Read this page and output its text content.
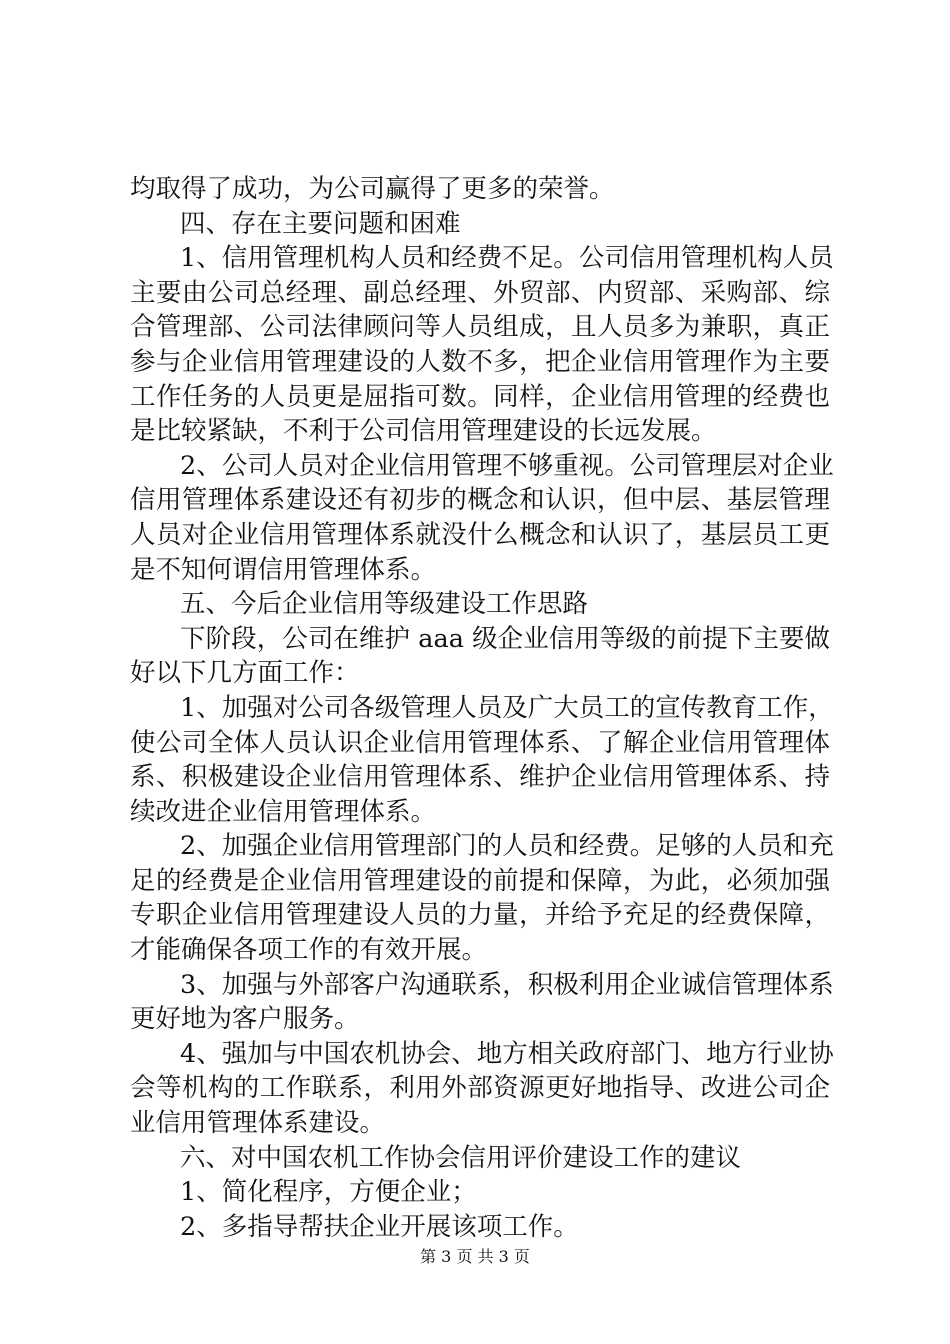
均取得了成功，为公司赢得了更多的荣誉。
四、存在主要问题和困难
1、信用管理机构人员和经费不足。公司信用管理机构人员
主要由公司总经理、副总经理、外贸部、内贸部、采购部、综
合管理部、公司法律顾问等人员组成，且人员多为兼职，真正
参与企业信用管理建设的人数不多，把企业信用管理作为主要
工作任务的人员更是屈指可数。同样，企业信用管理的经费也
是比较紧缺，不利于公司信用管理建设的长远发展。
2、公司人员对企业信用管理不够重视。公司管理层对企业
信用管理体系建设还有初步的概念和认识，但中层、基层管理
人员对企业信用管理体系就没什么概念和认识了，基层员工更
是不知何谓信用管理体系。
五、今后企业信用等级建设工作思路
下阶段，公司在维护 aaa 级企业信用等级的前提下主要做
好以下几方面工作：
1、加强对公司各级管理人员及广大员工的宣传教育工作，
使公司全体人员认识企业信用管理体系、了解企业信用管理体
系、积极建设企业信用管理体系、维护企业信用管理体系、持
续改进企业信用管理体系。
2、加强企业信用管理部门的人员和经费。足够的人员和充
足的经费是企业信用管理建设的前提和保障，为此，必须加强
专职企业信用管理建设人员的力量，并给予充足的经费保障，
才能确保各项工作的有效开展。
3、加强与外部客户沟通联系，积极利用企业诚信管理体系
更好地为客户服务。
4、强加与中国农机协会、地方相关政府部门、地方行业协
会等机构的工作联系，利用外部资源更好地指导、改进公司企
业信用管理体系建设。
六、对中国农机工作协会信用评价建设工作的建议
1、简化程序，方便企业；
2、多指导帮扶企业开展该项工作。
第 3 页 共 3 页
